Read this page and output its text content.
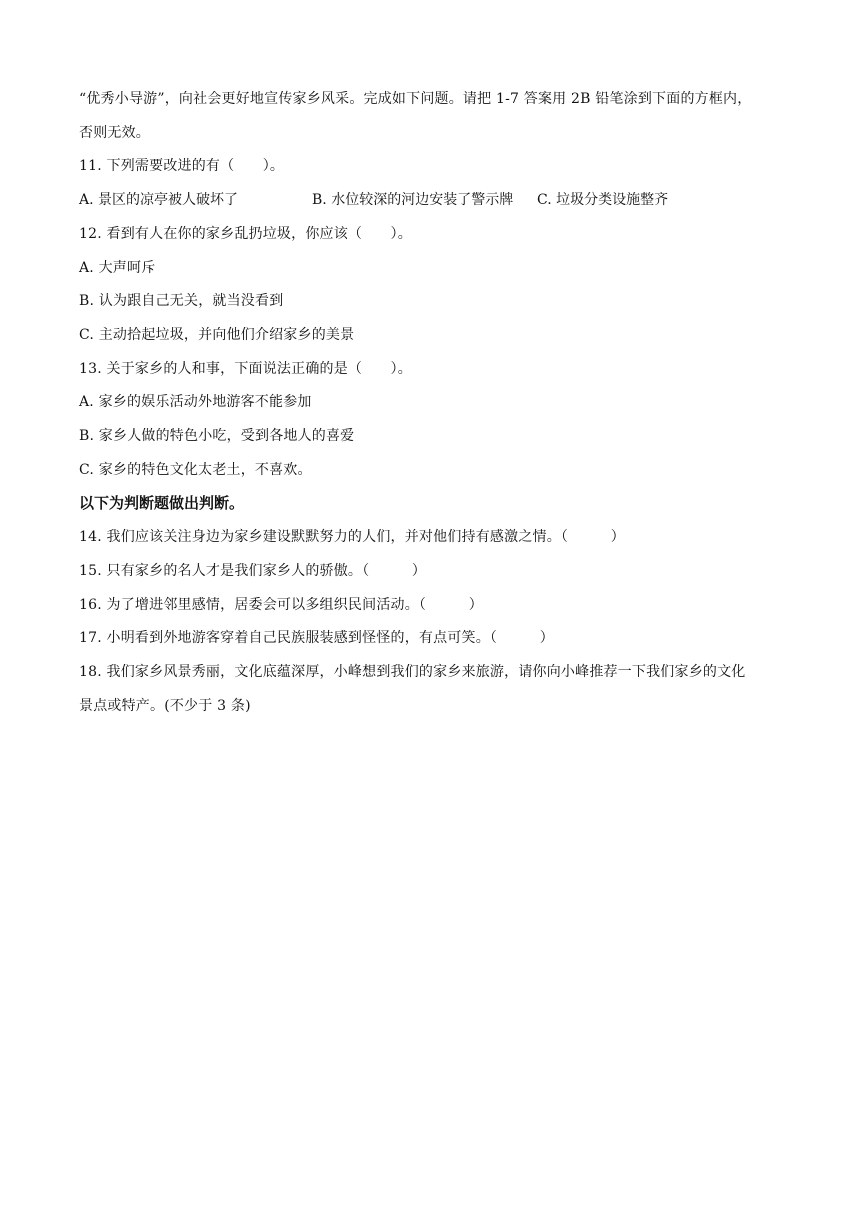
“优秀小导游”，向社会更好地宣传家乡风采。完成如下问题。请把 1-7 答案用 2B 铅笔涂到下面的方框内，
否则无效。
11. 下列需要改进的有（　　）。
A. 景区的凉亭被人破坏了	B. 水位较深的河边安装了警示牌	C. 垃圾分类设施整齐
12. 看到有人在你的家乡乱扔垃圾，你应该（　　）。
A. 大声呵斥
B. 认为跟自己无关，就当没看到
C. 主动拾起垃圾，并向他们介绍家乡的美景
13. 关于家乡的人和事，下面说法正确的是（　　）。
A. 家乡的娱乐活动外地游客不能参加
B. 家乡人做的特色小吃，受到各地人的喜爱
C. 家乡的特色文化太老土，不喜欢。
以下为判断题做出判断。
14. 我们应该关注身边为家乡建设默默努力的人们，并对他们持有感激之情。（　　　）
15. 只有家乡的名人才是我们家乡人的骄傲。（　　　）
16. 为了增进邻里感情，居委会可以多组织民间活动。（　　　）
17. 小明看到外地游客穿着自己民族服装感到怪怪的，有点可笑。（　　　）
18. 我们家乡风景秀丽，文化底蕴深厚，小峰想到我们的家乡来旅游，请你向小峰推荐一下我们家乡的文化
景点或特产。(不少于 3 条)
